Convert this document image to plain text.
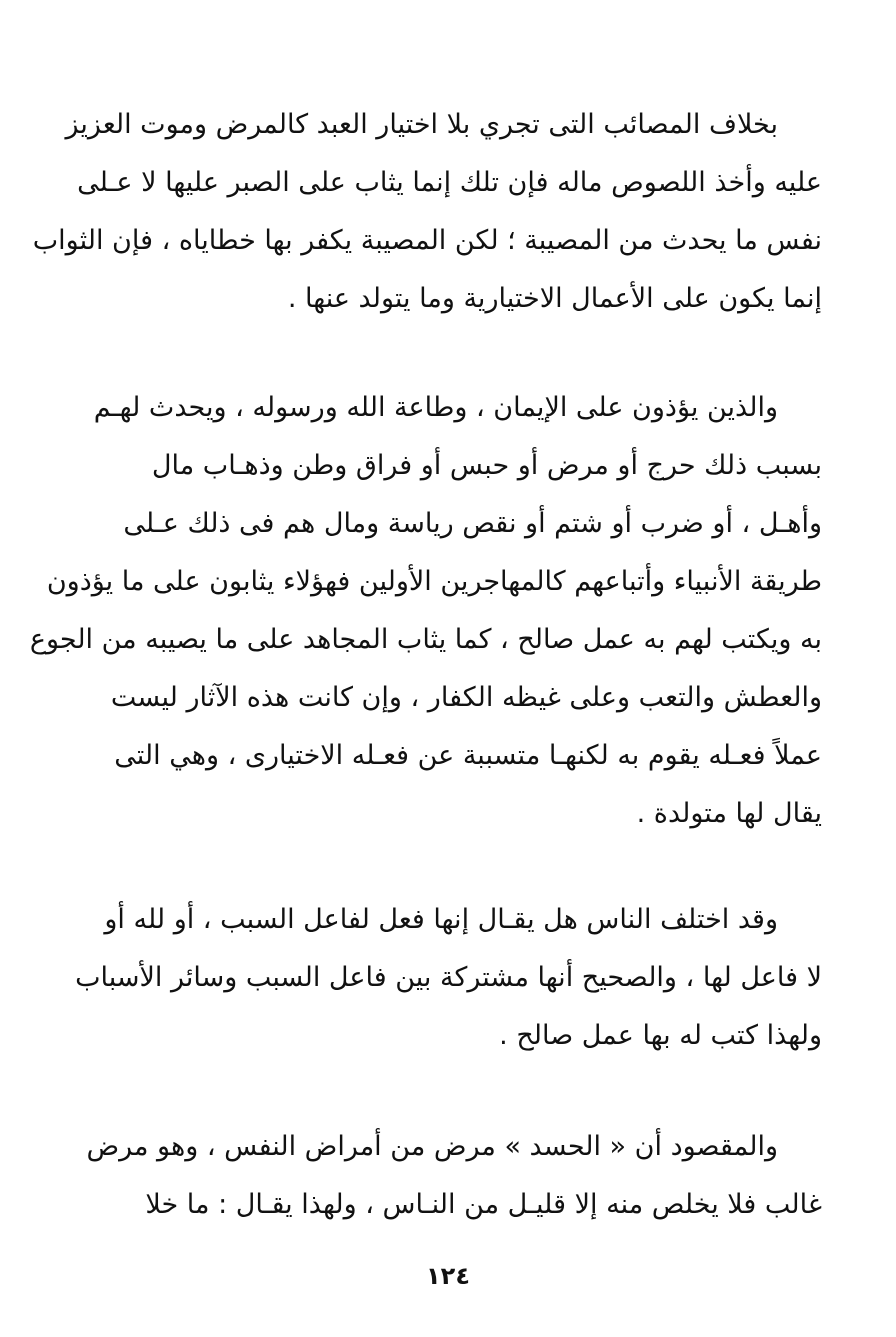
بخلاف المصائب التى تجري بلا اختيار العبد كالمرض وموت العزيز
عليه وأخذ اللصوص ماله فإن تلك إنما يثاب على الصبر عليها لا عـلى
نفس ما يحدث من المصيبة ؛ لكن المصيبة يكفر بها خطاياه ، فإن الثواب
إنما يكون على الأعمال الاختيارية وما يتولد عنها .
والذين يؤذون على الإيمان ، وطاعة الله ورسوله ، ويحدث لهـم
بسبب ذلك حرج أو مرض أو حبس أو فراق وطن وذهـاب مال
وأهـل ، أو ضرب أو شتم أو نقص رياسة ومال هم فى ذلك عـلى
طريقة الأنبياء وأتباعهم كالمهاجرين الأولين فهؤلاء يثابون على ما يؤذون
به ويكتب لهم به عمل صالح ، كما يثاب المجاهد على ما يصيبه من الجوع
والعطش والتعب وعلى غيظه الكفار ، وإن كانت هذه الآثار ليست
عملاً فعـله يقوم به لكنهـا متسببة عن فعـله الاختيارى ، وهي التى
يقال لها متولدة .
وقد اختلف الناس هل يقـال إنها فعل لفاعل السبب ، أو لله أو
لا فاعل لها ، والصحيح أنها مشتركة بين فاعل السبب وسائر الأسباب
ولهذا كتب له بها عمل صالح .
والمقصود أن « الحسد » مرض من أمراض النفس ، وهو مرض
غالب فلا يخلص منه إلا قليـل من النـاس ، ولهذا يقـال : ما خلا
١٢٤
